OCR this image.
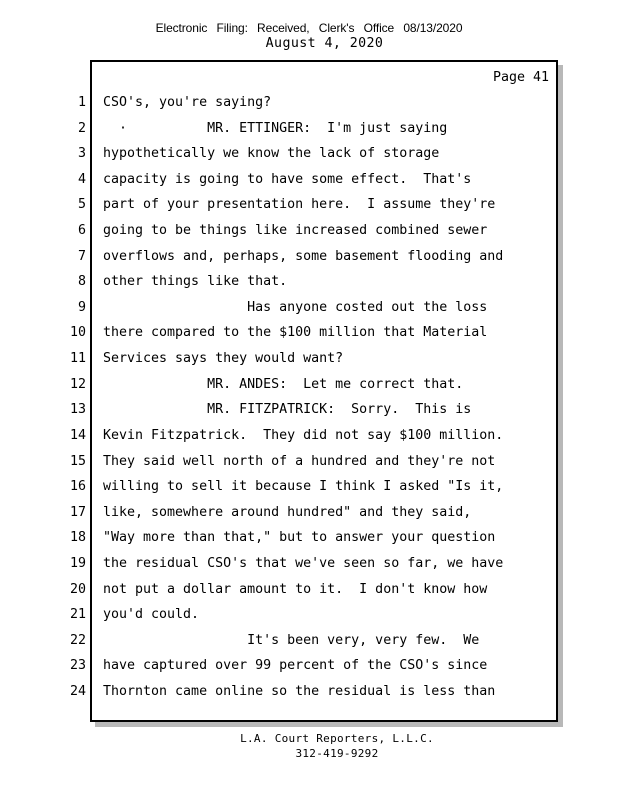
Electronic Filing: Received, Clerk's Office 08/13/2020
August 4, 2020
Page 41
1 CSO's, you're saying?
2 ·          MR. ETTINGER:  I'm just saying
3 hypothetically we know the lack of storage
4 capacity is going to have some effect.  That's
5 part of your presentation here.  I assume they're
6 going to be things like increased combined sewer
7 overflows and, perhaps, some basement flooding and
8 other things like that.
9 Has anyone costed out the loss
10 there compared to the $100 million that Material
11 Services says they would want?
12 MR. ANDES:  Let me correct that.
13 MR. FITZPATRICK:  Sorry.  This is
14 Kevin Fitzpatrick.  They did not say $100 million.
15 They said well north of a hundred and they're not
16 willing to sell it because I think I asked "Is it,
17 like, somewhere around hundred" and they said,
18 "Way more than that," but to answer your question
19 the residual CSO's that we've seen so far, we have
20 not put a dollar amount to it.  I don't know how
21 you'd could.
22 It's been very, very few.  We
23 have captured over 99 percent of the CSO's since
24 Thornton came online so the residual is less than
L.A. Court Reporters, L.L.C.
312-419-9292
